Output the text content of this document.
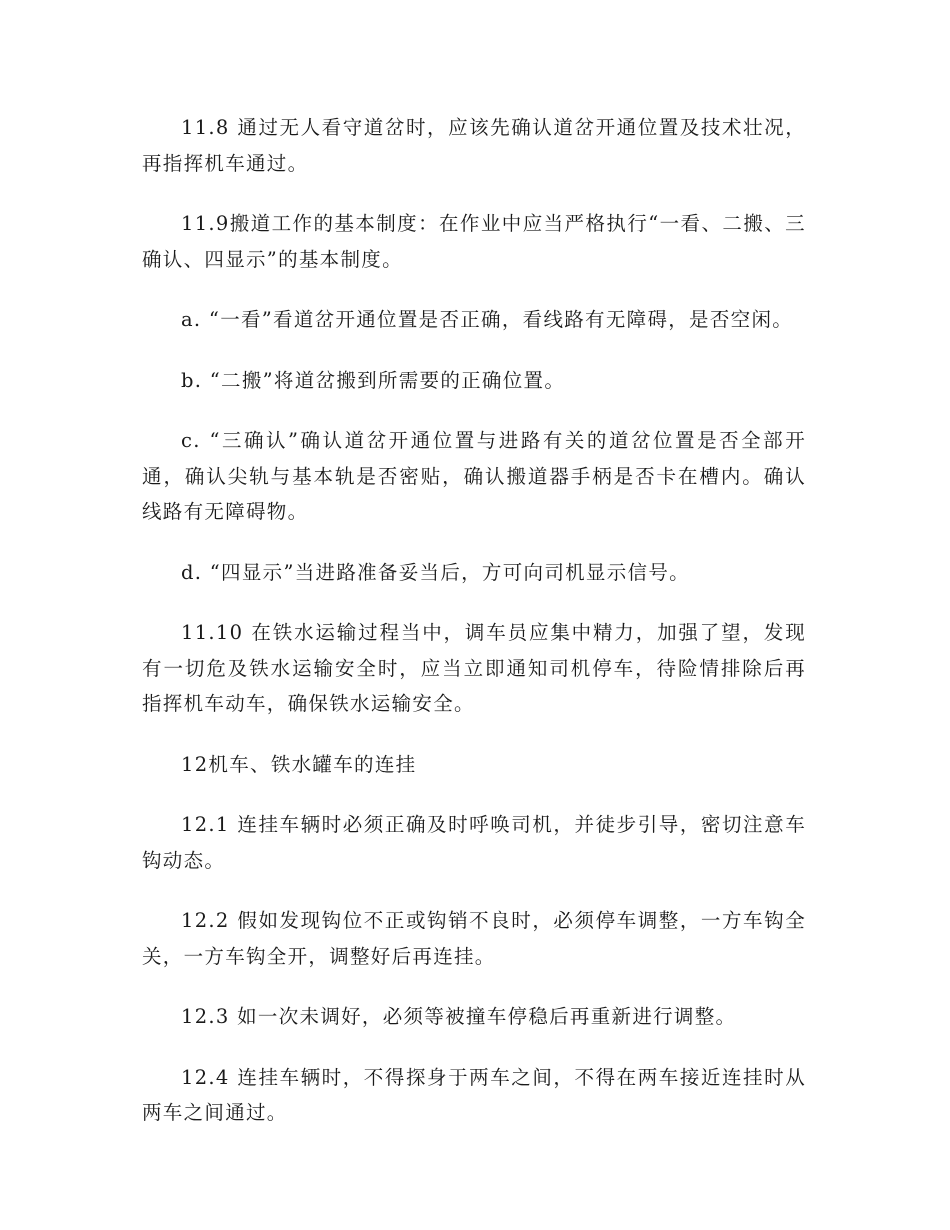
11.8 通过无人看守道岔时，应该先确认道岔开通位置及技术壮况，再指挥机车通过。

11.9搬道工作的基本制度：在作业中应当严格执行“一看、二搬、三确认、四显示”的基本制度。

a. “一看”看道岔开通位置是否正确，看线路有无障碍，是否空闲。

b. “二搬”将道岔搬到所需要的正确位置。

c. “三确认”确认道岔开通位置与进路有关的道岔位置是否全部开通，确认尖轨与基本轨是否密贴，确认搬道器手柄是否卡在槽内。确认线路有无障碍物。

d. “四显示”当进路准备妥当后，方可向司机显示信号。

11.10 在铁水运输过程当中，调车员应集中精力，加强了望，发现有一切危及铁水运输安全时，应当立即通知司机停车，待险情排除后再指挥机车动车，确保铁水运输安全。

12机车、铁水罐车的连挂

12.1 连挂车辆时必须正确及时呼唤司机，并徒步引导，密切注意车钩动态。

12.2 假如发现钩位不正或钩销不良时，必须停车调整，一方车钩全关，一方车钩全开，调整好后再连挂。

12.3 如一次未调好，必须等被撞车停稳后再重新进行调整。

12.4 连挂车辆时，不得探身于两车之间，不得在两车接近连挂时从两车之间通过。
